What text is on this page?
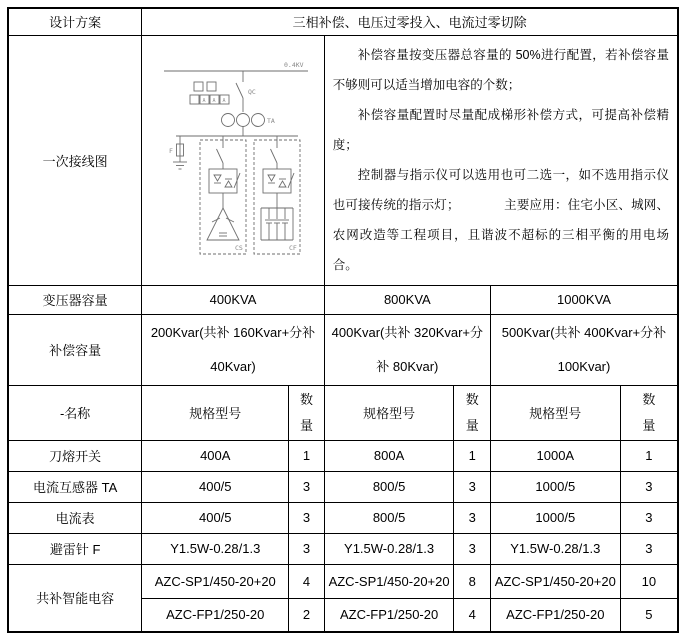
设计方案	三相补偿、电压过零投入、电流过零切除					
一次接线图	
0.4KV
QC
TA
F
CS	CF
A A A

补偿容量按变压器总容量的 50%进行配置，若补偿容量不够则可以适当增加电容的个数；

补偿容量配置时尽量配成梯形补偿方式，可提高补偿精度；

控制器与指示仪可以选用也可二选一，如不选用指示仪也可接传统的指示灯；　　　　主要应用：住宅小区、城网、农网改造等工程项目，且谐波不超标的三相平衡的用电场合。

变压器容量	400KVA		800KVA		1000KVA	
补偿容量	200Kvar(共补 160Kvar+分补 40Kvar)		400Kvar(共补 320Kvar+分补 80Kvar)		500Kvar(共补 400Kvar+分补 100Kvar)	
-名称	规格型号	数量	规格型号	数量	规格型号	数量
刀熔开关	400A	1	800A	1	1000A	1
电流互感器 TA	400/5	3	800/5	3	1000/5	3
电流表	400/5	3	800/5	3	1000/5	3
避雷针 F	Y1.5W-0.28/1.3	3	Y1.5W-0.28/1.3	3	Y1.5W-0.28/1.3	3
共补智能电容	AZC-SP1/450-20+20	4	AZC-SP1/450-20+20	8	AZC-SP1/450-20+20	10
	AZC-FP1/250-20	2	AZC-FP1/250-20	4	AZC-FP1/250-20	5
